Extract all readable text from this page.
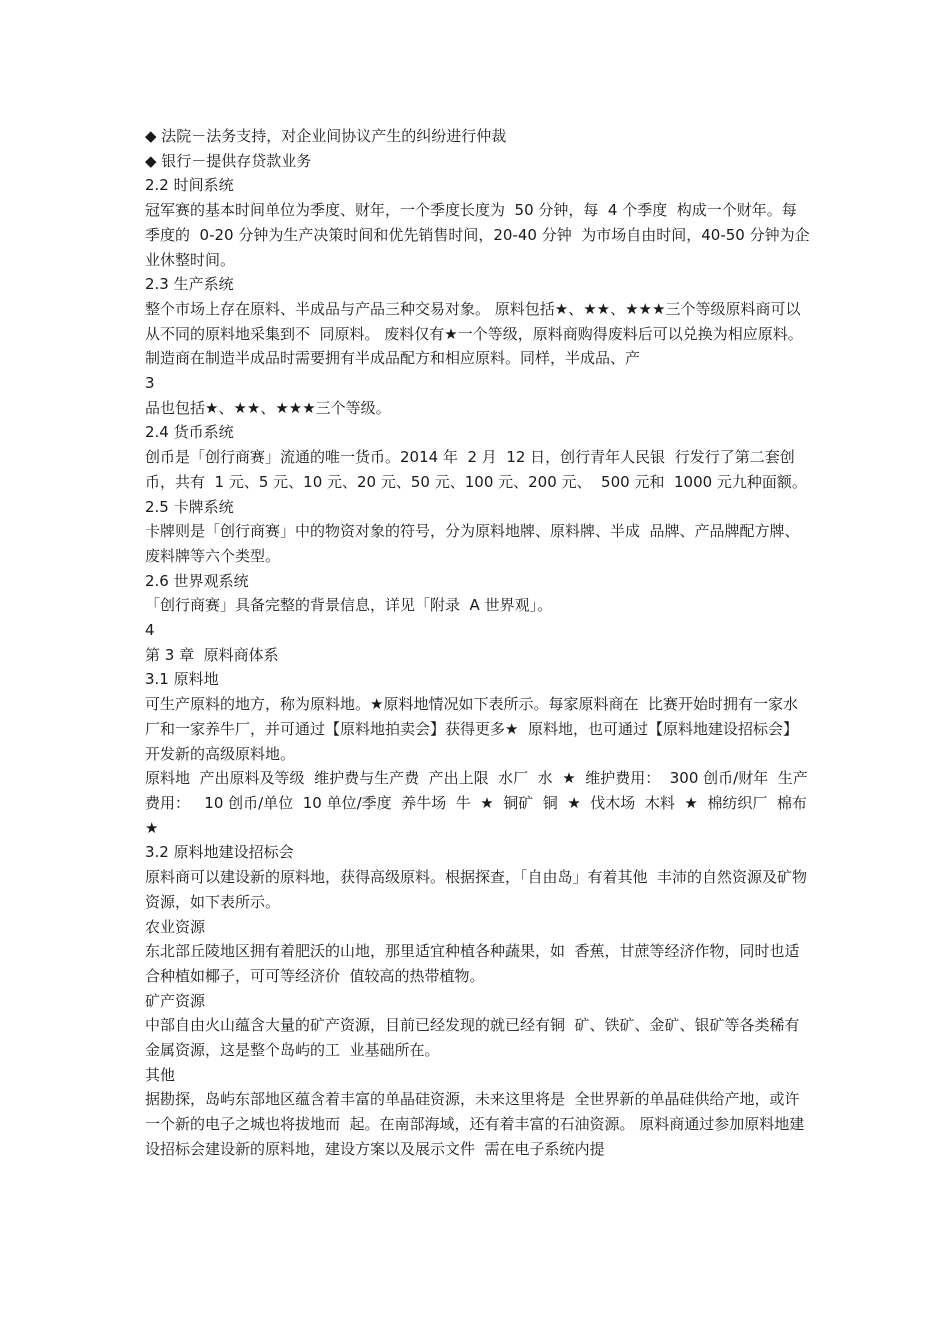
◆ 法院－法务支持，对企业间协议产生的纠纷进行仲裁

◆ 银行－提供存贷款业务

2.2 时间系统

冠军赛的基本时间单位为季度、财年，一个季度长度为  50 分钟，每  4 个季度  构成一个财年。每季度的  0-20 分钟为生产决策时间和优先销售时间，20-40 分钟  为市场自由时间，40-50 分钟为企业休整时间。

2.3 生产系统

整个市场上存在原料、半成品与产品三种交易对象。 原料包括★、★★、★★★三个等级原料商可以从不同的原料地采集到不  同原料。 废料仅有★一个等级，原料商购得废料后可以兑换为相应原料。 制造商在制造半成品时需要拥有半成品配方和相应原料。同样，半成品、产

3

品也包括★、★★、★★★三个等级。

2.4 货币系统

创币是「创行商赛」流通的唯一货币。2014 年  2 月  12 日，创行青年人民银  行发行了第二套创币，共有  1 元、5 元、10 元、20 元、50 元、100 元、200 元、  500 元和  1000 元九种面额。

2.5 卡牌系统

卡牌则是「创行商赛」中的物资对象的符号，分为原料地牌、原料牌、半成  品牌、产品牌配方牌、废料牌等六个类型。

2.6 世界观系统

「创行商赛」具备完整的背景信息，详见「附录  A 世界观」。

4

第 3 章  原料商体系

3.1 原料地

可生产原料的地方，称为原料地。★原料地情况如下表所示。每家原料商在  比赛开始时拥有一家水厂和一家养牛厂，并可通过【原料地拍卖会】获得更多★  原料地，也可通过【原料地建设招标会】开发新的高级原料地。

原料地  产出原料及等级  维护费与生产费  产出上限  水厂  水  ★  维护费用：  300 创币/财年  生产费用：   10 创币/单位  10 单位/季度  养牛场  牛  ★  铜矿  铜  ★  伐木场  木料  ★  棉纺织厂  棉布  ★

3.2 原料地建设招标会

原料商可以建设新的原料地，获得高级原料。根据探查，「自由岛」有着其他  丰沛的自然资源及矿物资源，如下表所示。

农业资源

东北部丘陵地区拥有着肥沃的山地，那里适宜种植各种蔬果，如  香蕉，甘蔗等经济作物，同时也适合种植如椰子，可可等经济价  值较高的热带植物。

矿产资源

中部自由火山蕴含大量的矿产资源，目前已经发现的就已经有铜  矿、铁矿、金矿、银矿等各类稀有金属资源，这是整个岛屿的工  业基础所在。

其他

据勘探，岛屿东部地区蕴含着丰富的单晶硅资源，未来这里将是  全世界新的单晶硅供给产地，或许一个新的电子之城也将拔地而  起。在南部海域，还有着丰富的石油资源。 原料商通过参加原料地建设招标会建设新的原料地，建设方案以及展示文件  需在电子系统内提
